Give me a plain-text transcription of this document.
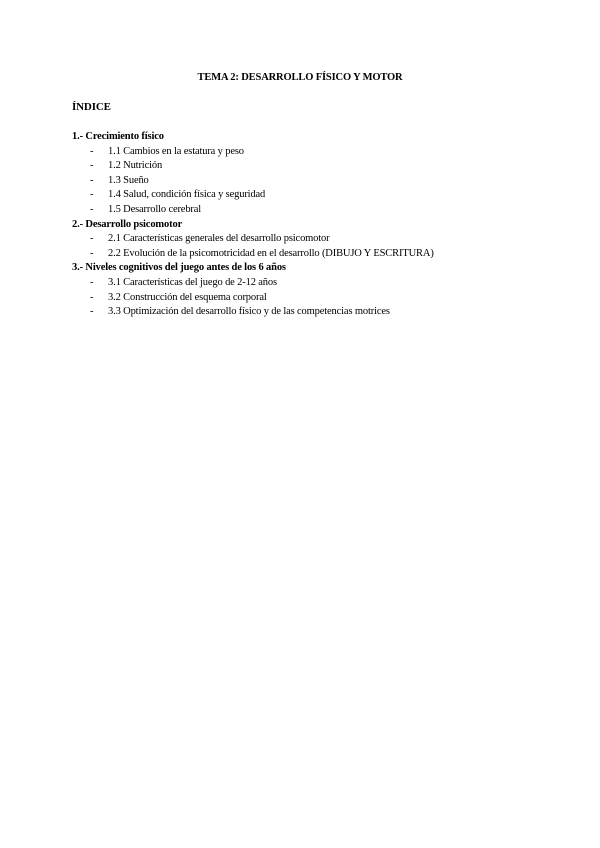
TEMA 2: DESARROLLO FÍSICO Y MOTOR
ÍNDICE
1.- Crecimiento físico
- 1.1 Cambios en la estatura y peso
- 1.2 Nutrición
- 1.3 Sueño
- 1.4 Salud, condición física y seguridad
- 1.5 Desarrollo cerebral
2.- Desarrollo psicomotor
- 2.1 Características generales del desarrollo psicomotor
- 2.2 Evolución de la psicomotricidad en el desarrollo (DIBUJO Y ESCRITURA)
3.- Niveles cognitivos del juego antes de los 6 años
- 3.1 Características del juego de 2-12 años
- 3.2 Construcción del esquema corporal
- 3.3 Optimización del desarrollo físico y de las competencias motrices
